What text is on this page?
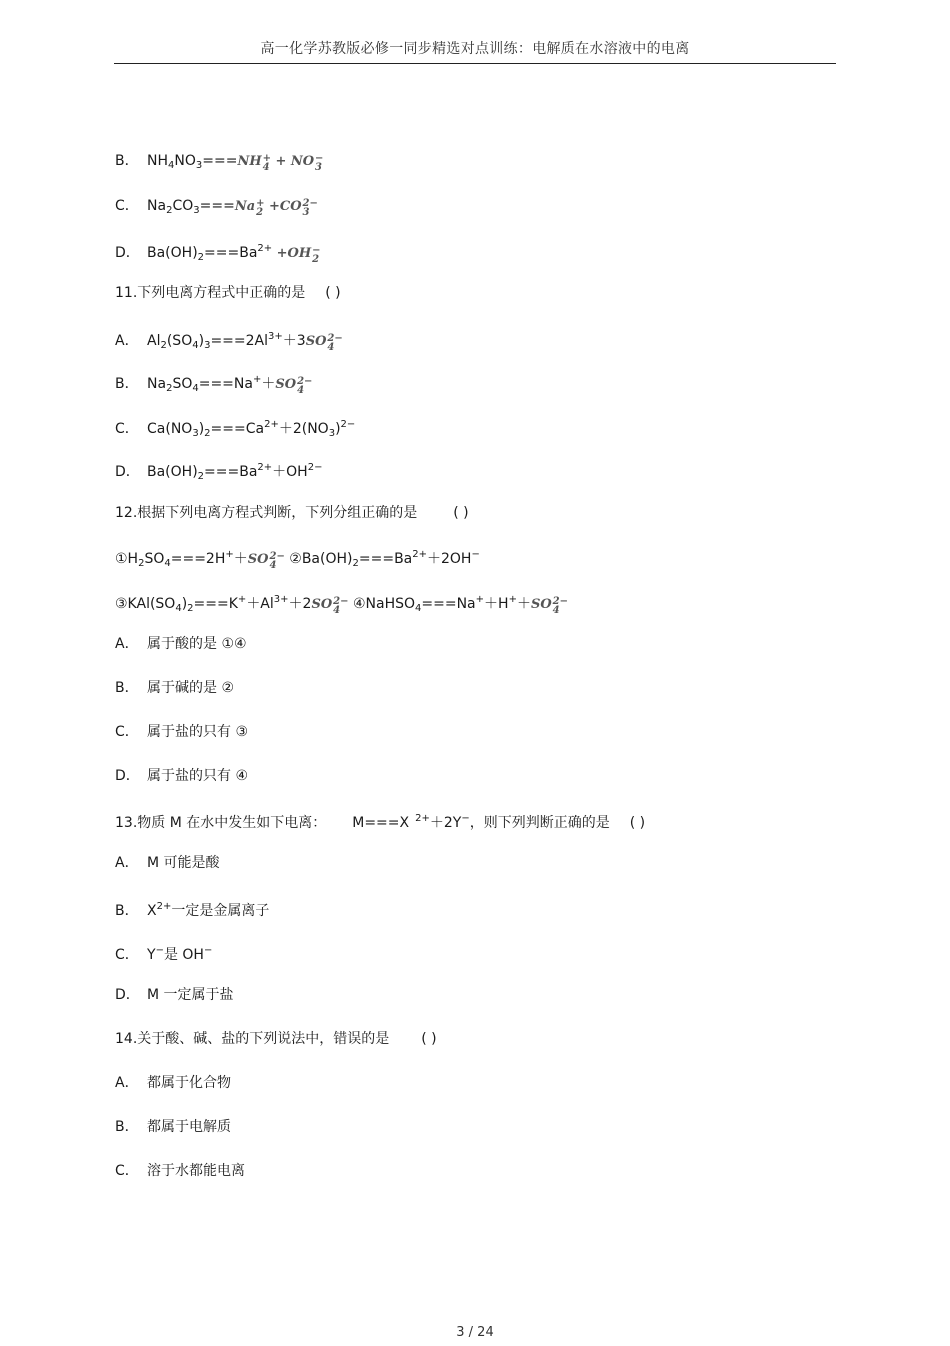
高一化学苏教版必修一同步精选对点训练：电解质在水溶液中的电离
B． $NH_4NO_3===NH$ +
4 + NO −
3
C． $Na_2CO_3===Na$ +
2 +CO 2−
3
D． $Ba(OH)_2===Ba^{2+} +OH$ −
2
11.下列电离方程式中正确的是 ( )
A． $Al_2(SO_4)_3===2Al^{3+}+3SO$ 2−
4
B． $Na_2SO_4===Na^++SO$ 2−
4
C． $Ca(NO_3)_2===Ca^{2+}+2(NO_3)^{2-}$
D． $Ba(OH)_2===Ba^{2+}+OH^{2-}$
12.根据下列电离方程式判断，下列分组正确的是	( )
$①H_2SO_4===2H^++SO$ 2−
4 $②Ba(OH)_2===Ba^{2+}+2OH^-$
$③KAl(SO_4)_2===K^++Al^{3+}+2SO$ 2−
4 ④NaHSO$_4$===Na+＋H+＋SO 2−
4
A． 属于酸的是 ①④
B． 属于碱的是 ②
C． 属于盐的只有 ③
D． 属于盐的只有 ④
13.物质 M 在水中发生如下电离： M===X $^{2+}$＋2Y−，则下列判断正确的是 ( )
A． M 可能是酸
B． $X^{2+}$一定是金属离子
C． Y−是 OH−
D． M 一定属于盐
14.关于酸、碱、盐的下列说法中，错误的是 ( )
A． 都属于化合物
B． 都属于电解质
C． 溶于水都能电离
3 / 24
